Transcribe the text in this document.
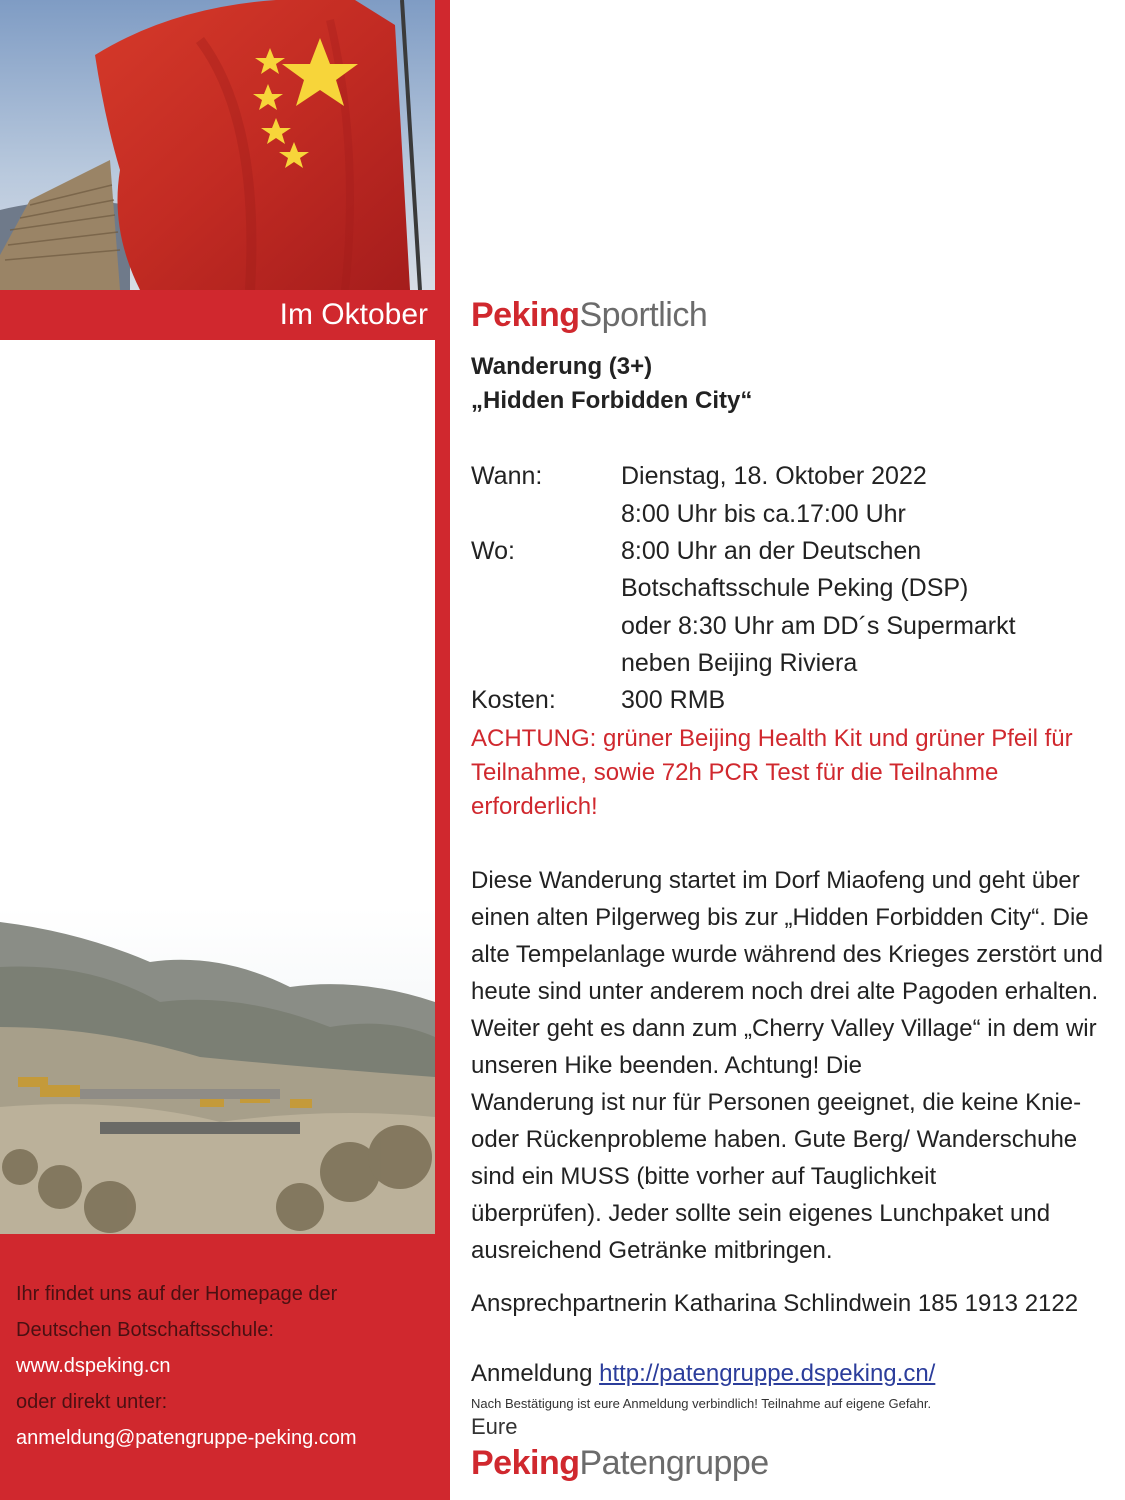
Im Oktober
Ihr findet uns auf der Homepage der
Deutschen Botschaftsschule:
www.dspeking.cn
oder direkt unter:
anmeldung@patengruppe-peking.com
PekingSportlich
Wanderung (3+)
„Hidden Forbidden City“
Wann:	Dienstag, 18. Oktober 2022
8:00 Uhr bis ca.17:00 Uhr
Wo:	8:00 Uhr an der Deutschen
Botschaftsschule Peking (DSP)
oder 8:30 Uhr am DD´s Supermarkt
neben Beijing Riviera
Kosten:	300 RMB
ACHTUNG: grüner Beijing Health Kit und grüner Pfeil für
Teilnahme, sowie 72h PCR Test für die Teilnahme
erforderlich!
Diese Wanderung startet im Dorf Miaofeng und geht über
einen alten Pilgerweg bis zur „Hidden Forbidden City“. Die
alte Tempelanlage wurde während des Krieges zerstört und
heute sind unter anderem noch drei alte Pagoden erhalten.
Weiter geht es dann zum „Cherry Valley Village“ in dem wir
unseren Hike beenden. Achtung! Die
Wanderung ist nur für Personen geeignet, die keine Knie-
oder Rückenprobleme haben. Gute Berg/ Wanderschuhe
sind ein MUSS (bitte vorher auf Tauglichkeit
überprüfen). Jeder sollte sein eigenes Lunchpaket und
ausreichend Getränke mitbringen.
Ansprechpartnerin Katharina Schlindwein 185 1913 2122
Anmeldung http://patengruppe.dspeking.cn/
Nach Bestätigung ist eure Anmeldung verbindlich! Teilnahme auf eigene Gefahr.
Eure
PekingPatengruppe
